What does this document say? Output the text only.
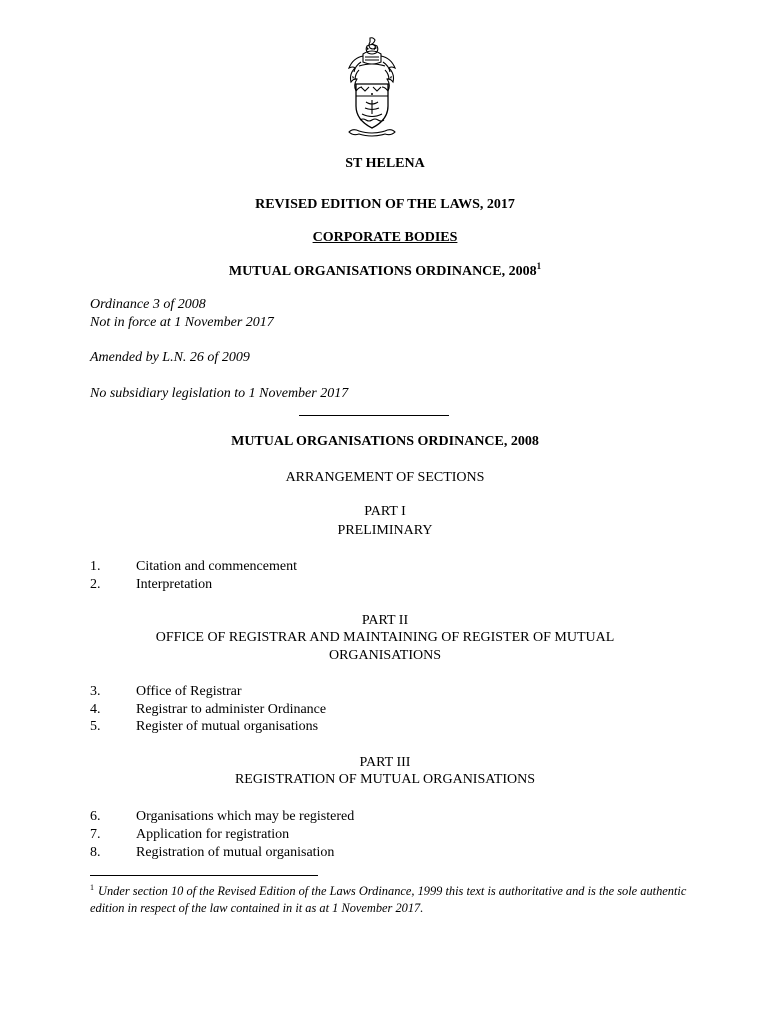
ST HELENA
REVISED EDITION OF THE LAWS, 2017
CORPORATE BODIES
MUTUAL ORGANISATIONS ORDINANCE, 2008$^1$
Ordinance 3 of 2008
Not in force at 1 November 2017
Amended by L.N. 26 of 2009
No subsidiary legislation to 1 November 2017
MUTUAL ORGANISATIONS ORDINANCE, 2008
ARRANGEMENT OF SECTIONS
PART I
PRELIMINARY
1.	Citation and commencement
2.	Interpretation
PART II
OFFICE OF REGISTRAR AND MAINTAINING OF REGISTER OF MUTUAL
ORGANISATIONS
3.	Office of Registrar
4.	Registrar to administer Ordinance
5.	Register of mutual organisations
PART III
REGISTRATION OF MUTUAL ORGANISATIONS
6.	Organisations which may be registered
7.	Application for registration
8.	Registration of mutual organisation
$^1$ Under section 10 of the Revised Edition of the Laws Ordinance, 1999 this text is authoritative and is the sole authentic edition in respect of the law contained in it as at 1 November 2017.
